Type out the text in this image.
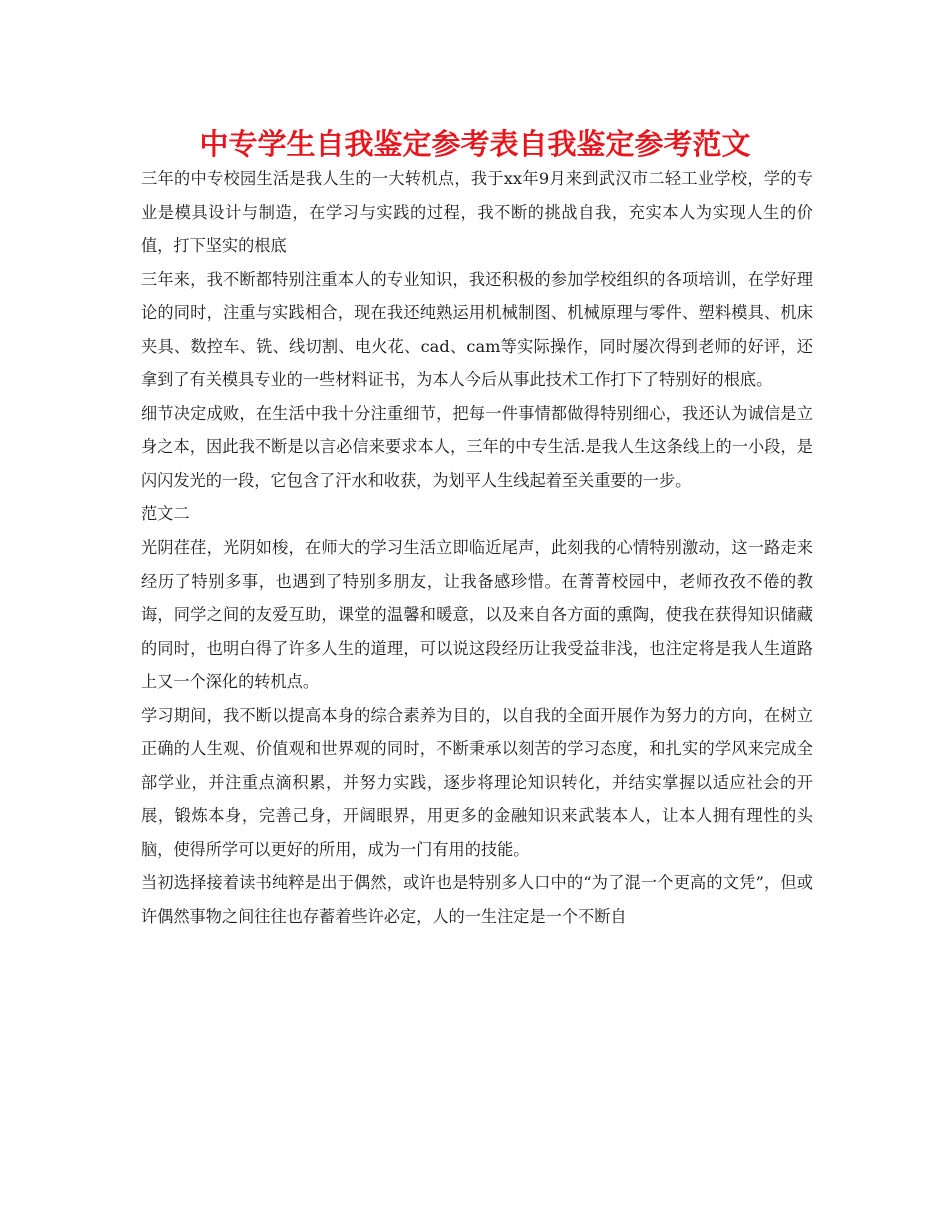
中专学生自我鉴定参考表自我鉴定参考范文

三年的中专校园生活是我人生的一大转机点，我于xx年9月来到武汉市二轻工业学校，学的专业是模具设计与制造，在学习与实践的过程，我不断的挑战自我，充实本人为实现人生的价值，打下坚实的根底

三年来，我不断都特别注重本人的专业知识，我还积极的参加学校组织的各项培训，在学好理论的同时，注重与实践相合，现在我还纯熟运用机械制图、机械原理与零件、塑料模具、机床夹具、数控车、铣、线切割、电火花、cad、cam等实际操作，同时屡次得到老师的好评，还拿到了有关模具专业的一些材料证书，为本人今后从事此技术工作打下了特别好的根底。

细节决定成败，在生活中我十分注重细节，把每一件事情都做得特别细心，我还认为诚信是立身之本，因此我不断是以言必信来要求本人，三年的中专生活.是我人生这条线上的一小段，是闪闪发光的一段，它包含了汗水和收获，为划平人生线起着至关重要的一步。

范文二

光阴荏荏，光阴如梭，在师大的学习生活立即临近尾声，此刻我的心情特别激动，这一路走来经历了特别多事，也遇到了特别多朋友，让我备感珍惜。在菁菁校园中，老师孜孜不倦的教诲，同学之间的友爱互助，课堂的温馨和暖意，以及来自各方面的熏陶，使我在获得知识储藏的同时，也明白得了许多人生的道理，可以说这段经历让我受益非浅，也注定将是我人生道路上又一个深化的转机点。

学习期间，我不断以提高本身的综合素养为目的，以自我的全面开展作为努力的方向，在树立正确的人生观、价值观和世界观的同时，不断秉承以刻苦的学习态度，和扎实的学风来完成全部学业，并注重点滴积累，并努力实践，逐步将理论知识转化，并结实掌握以适应社会的开展，锻炼本身，完善己身，开阔眼界，用更多的金融知识来武装本人，让本人拥有理性的头脑，使得所学可以更好的所用，成为一门有用的技能。

当初选择接着读书纯粹是出于偶然，或许也是特别多人口中的“为了混一个更高的文凭”，但或许偶然事物之间往往也存蓄着些许必定，人的一生注定是一个不断自
